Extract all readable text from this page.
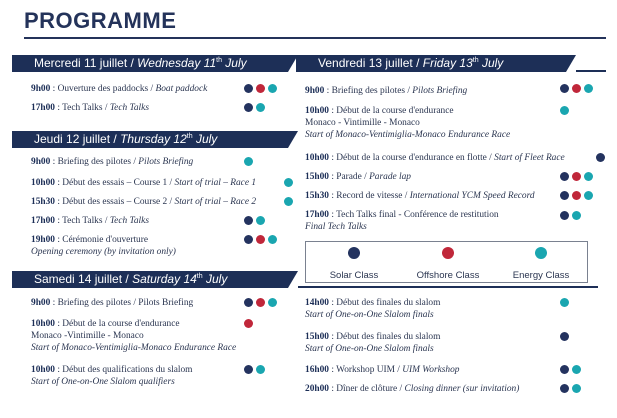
PROGRAMME
Mercredi 11 juillet / Wednesday 11th July
9h00 : Ouverture des paddocks / Boat paddock
17h00 : Tech Talks / Tech Talks
Jeudi 12 juillet / Thursday 12th July
9h00 : Briefing des pilotes / Pilots Briefing
10h00 : Début des essais – Course 1 / Start of trial – Race 1
15h30 : Début des essais – Course 2 / Start of trial – Race 2
17h00 : Tech Talks / Tech Talks
19h00 : Cérémonie d'ouverture
Opening ceremony (by invitation only)
Samedi 14 juillet / Saturday 14th July
9h00 : Briefing des pilotes / Pilots Briefing
10h00 : Début de la course d'endurance
Monaco -Vintimille - Monaco
Start of Monaco-Ventimiglia-Monaco Endurance Race
10h00 : Début des qualifications du slalom
Start of One-on-One Slalom qualifiers
Vendredi 13 juillet / Friday 13th July
9h00 : Briefing des pilotes / Pilots Briefing
10h00 : Début de la course d'endurance
Monaco - Vintimille - Monaco
Start of Monaco-Ventimiglia-Monaco Endurance Race
10h00 : Début de la course d'endurance en flotte / Start of Fleet Race
15h00 : Parade / Parade lap
15h30 : Record de vitesse / International YCM Speed Record
17h00 : Tech Talks final - Conférence de restitution
Final Tech Talks
Solar Class	Offshore Class	Energy Class
14h00 : Début des finales du slalom
Start of One-on-One Slalom finals
15h00 : Début des finales du slalom
Start of One-on-One Slalom finals
16h00 : Workshop UIM / UIM Workshop
20h00 : Dîner de clôture / Closing dinner (sur invitation)
